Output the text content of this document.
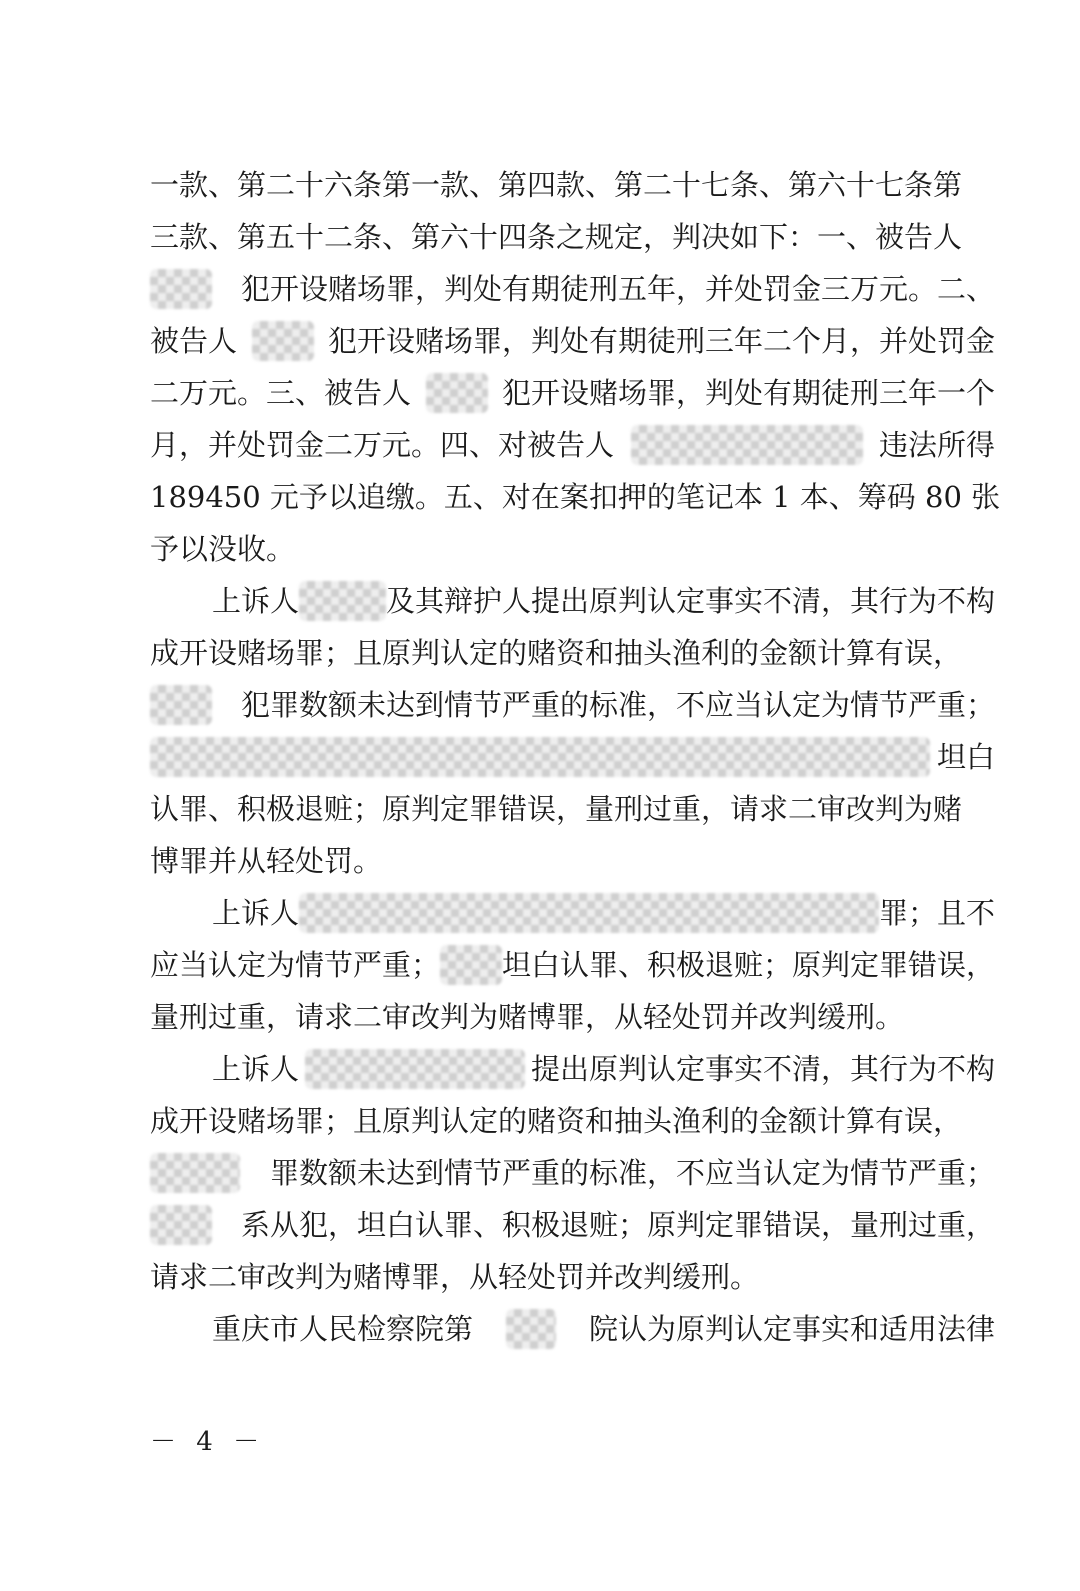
一款、第二十六条第一款、第四款、第二十七条、第六十七条第
三款、第五十二条、第六十四条之规定，判决如下：一、被告人
犯开设赌场罪，判处有期徒刑五年，并处罚金三万元。二、
被告人	犯开设赌场罪，判处有期徒刑三年二个月，并处罚金
二万元。三、被告人	犯开设赌场罪，判处有期徒刑三年一个
月，并处罚金二万元。四、对被告人	违法所得
189450 元予以追缴。五、对在案扣押的笔记本 1 本、筹码 80 张
予以没收。
上诉人	及其辩护人提出原判认定事实不清，其行为不构
成开设赌场罪；且原判认定的赌资和抽头渔利的金额计算有误，
犯罪数额未达到情节严重的标准，不应当认定为情节严重；
坦白
认罪、积极退赃；原判定罪错误，量刑过重，请求二审改判为赌
博罪并从轻处罚。
上诉人	罪；且不
应当认定为情节严重； 坦白认罪、积极退赃；原判定罪错误，
量刑过重，请求二审改判为赌博罪，从轻处罚并改判缓刑。
上诉人	提出原判认定事实不清，其行为不构
成开设赌场罪；且原判认定的赌资和抽头渔利的金额计算有误，
罪数额未达到情节严重的标准，不应当认定为情节严重；
系从犯，坦白认罪、积极退赃；原判定罪错误，量刑过重，
请求二审改判为赌博罪，从轻处罚并改判缓刑。
重庆市人民检察院第	院认为原判认定事实和适用法律
－ 4 －
